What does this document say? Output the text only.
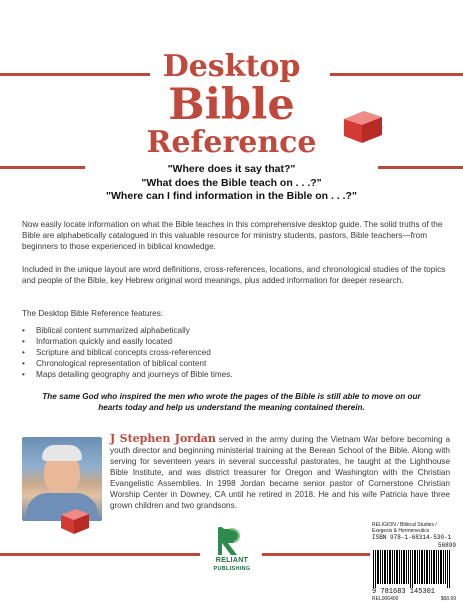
Desktop
Bible
Reference
"Where does it say that?"
"What does the Bible teach on . . .?"
"Where can I find information in the Bible on . . .?"

Now easily locate information on what the Bible teaches in this comprehensive desktop guide. The solid truths of the Bible are alphabetically catalogued in this valuable resource for ministry students, pastors, Bible teachers—from beginners to those experienced in biblical knowledge.

Included in the unique layout are word definitions, cross-references, locations, and chronological studies of the topics and people of the Bible, key Hebrew original word meanings, plus added information for deeper research.

The Desktop Bible Reference features:

• Biblical content summarized alphabetically
• Information quickly and easily located
• Scripture and biblical concepts cross-referenced
• Chronological representation of biblical content
• Maps detailing geography and journeys of Bible times.
The same God who inspired the men who wrote the pages of the Bible is still able to move on our hearts today and help us understand the meaning contained therein.

J Stephen Jordan served in the army during the Vietnam War before becoming a youth director and beginning ministerial training at the Berean School of the Bible. Along with serving for seventeen years in several successful pastorates, he taught at the Lighthouse Bible Institute, and was district treasurer for Oregon and Washington with the Christian Evangelistic Assemblies. In 1998 Jordan became senior pastor of Cornerstone Christian Worship Center in Downey, CA until he retired in 2018. He and his wife Patricia have three grown children and two grandsons.

RELIANT
PUBLISHING
RELIGION / Biblical Studies / Exegesis & Hermeneutics
ISBN 978-1-68314-530-1
56899
9 781683 145301
REL006400	$68.99
